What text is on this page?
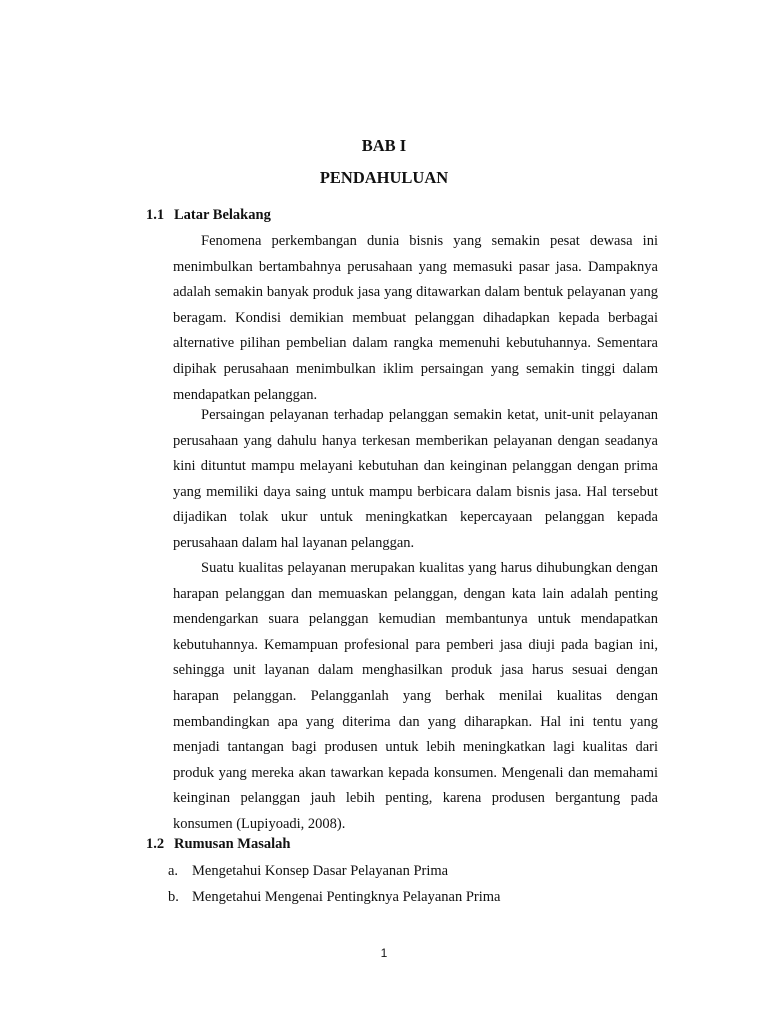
BAB I
PENDAHULUAN
1.1 Latar Belakang

Fenomena perkembangan dunia bisnis yang semakin pesat dewasa ini menimbulkan bertambahnya perusahaan yang memasuki pasar jasa. Dampaknya adalah semakin banyak produk jasa yang ditawarkan dalam bentuk pelayanan yang beragam. Kondisi demikian membuat pelanggan dihadapkan kepada berbagai alternative pilihan pembelian dalam rangka memenuhi kebutuhannya. Sementara dipihak perusahaan menimbulkan iklim persaingan yang semakin tinggi dalam mendapatkan pelanggan.

Persaingan pelayanan terhadap pelanggan semakin ketat, unit-unit pelayanan perusahaan yang dahulu hanya terkesan memberikan pelayanan dengan seadanya kini dituntut mampu melayani kebutuhan dan keinginan pelanggan dengan prima yang memiliki daya saing untuk mampu berbicara dalam bisnis jasa. Hal tersebut dijadikan tolak ukur untuk meningkatkan kepercayaan pelanggan kepada perusahaan dalam hal layanan pelanggan.

Suatu kualitas pelayanan merupakan kualitas yang harus dihubungkan dengan harapan pelanggan dan memuaskan pelanggan, dengan kata lain adalah penting mendengarkan suara pelanggan kemudian membantunya untuk mendapatkan kebutuhannya. Kemampuan profesional para pemberi jasa diuji pada bagian ini, sehingga unit layanan dalam menghasilkan produk jasa harus sesuai dengan harapan pelanggan. Pelangganlah yang berhak menilai kualitas dengan membandingkan apa yang diterima dan yang diharapkan. Hal ini tentu yang menjadi tantangan bagi produsen untuk lebih meningkatkan lagi kualitas dari produk yang mereka akan tawarkan kepada konsumen. Mengenali dan memahami keinginan pelanggan jauh lebih penting, karena produsen bergantung pada konsumen (Lupiyoadi, 2008).

1.2 Rumusan Masalah
a. Mengetahui Konsep Dasar Pelayanan Prima
b. Mengetahui Mengenai Pentingknya Pelayanan Prima
1
